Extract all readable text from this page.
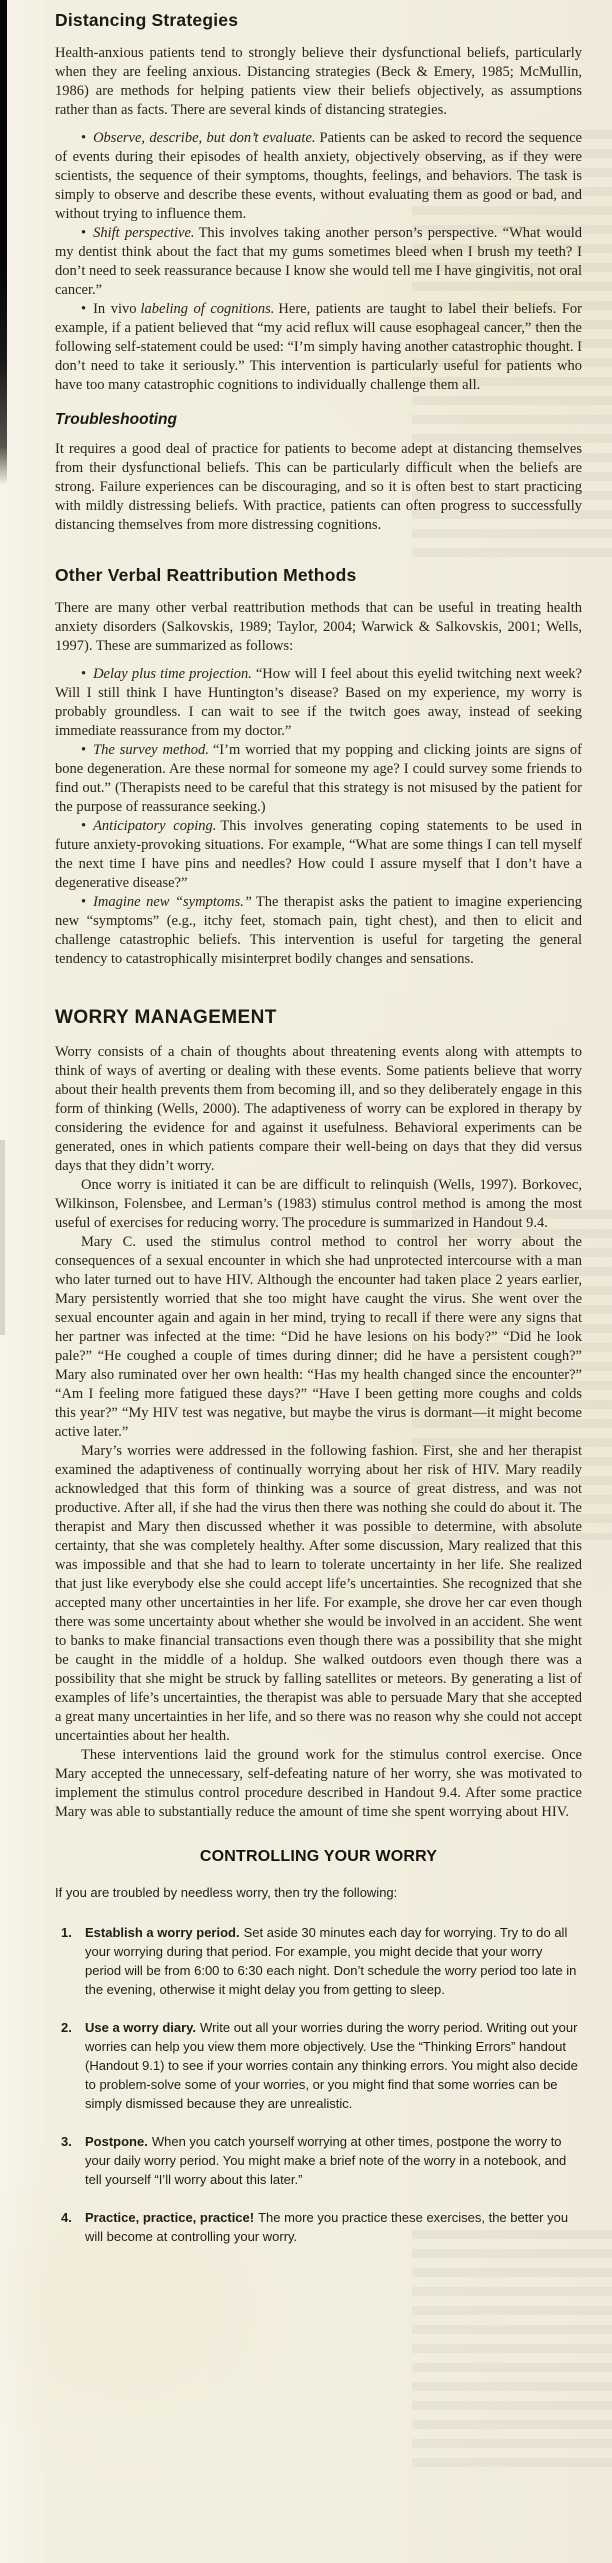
Distancing Strategies

Health-anxious patients tend to strongly believe their dysfunctional beliefs, particularly when they are feeling anxious. Distancing strategies (Beck & Emery, 1985; McMullin, 1986) are methods for helping patients view their beliefs objectively, as assumptions rather than as facts. There are several kinds of distancing strategies.

• Observe, describe, but don’t evaluate. Patients can be asked to record the sequence of events during their episodes of health anxiety, objectively observing, as if they were scientists, the sequence of their symptoms, thoughts, feelings, and behaviors. The task is simply to observe and describe these events, without evaluating them as good or bad, and without trying to influence them.

• Shift perspective. This involves taking another person’s perspective. “What would my dentist think about the fact that my gums sometimes bleed when I brush my teeth? I don’t need to seek reassurance because I know she would tell me I have gingivitis, not oral cancer.”

• In vivo labeling of cognitions. Here, patients are taught to label their beliefs. For example, if a patient believed that “my acid reflux will cause esophageal cancer,” then the following self-statement could be used: “I’m simply having another catastrophic thought. I don’t need to take it seriously.” This intervention is particularly useful for patients who have too many catastrophic cognitions to individually challenge them all.

Troubleshooting

It requires a good deal of practice for patients to become adept at distancing themselves from their dysfunctional beliefs. This can be particularly difficult when the beliefs are strong. Failure experiences can be discouraging, and so it is often best to start practicing with mildly distressing beliefs. With practice, patients can often progress to successfully distancing themselves from more distressing cognitions.

Other Verbal Reattribution Methods

There are many other verbal reattribution methods that can be useful in treating health anxiety disorders (Salkovskis, 1989; Taylor, 2004; Warwick & Salkovskis, 2001; Wells, 1997). These are summarized as follows:

• Delay plus time projection. “How will I feel about this eyelid twitching next week? Will I still think I have Huntington’s disease? Based on my experience, my worry is probably groundless. I can wait to see if the twitch goes away, instead of seeking immediate reassurance from my doctor.”

• The survey method. “I’m worried that my popping and clicking joints are signs of bone degeneration. Are these normal for someone my age? I could survey some friends to find out.” (Therapists need to be careful that this strategy is not misused by the patient for the purpose of reassurance seeking.)

• Anticipatory coping. This involves generating coping statements to be used in future anxiety-provoking situations. For example, “What are some things I can tell myself the next time I have pins and needles? How could I assure myself that I don’t have a degenerative disease?”

• Imagine new “symptoms.” The therapist asks the patient to imagine experiencing new “symptoms” (e.g., itchy feet, stomach pain, tight chest), and then to elicit and challenge catastrophic beliefs. This intervention is useful for targeting the general tendency to catastrophically misinterpret bodily changes and sensations.

WORRY MANAGEMENT

Worry consists of a chain of thoughts about threatening events along with attempts to think of ways of averting or dealing with these events. Some patients believe that worry about their health prevents them from becoming ill, and so they deliberately engage in this form of thinking (Wells, 2000). The adaptiveness of worry can be explored in therapy by considering the evidence for and against it usefulness. Behavioral experiments can be generated, ones in which patients compare their well-being on days that they did versus days that they didn’t worry.

Once worry is initiated it can be are difficult to relinquish (Wells, 1997). Borkovec, Wilkinson, Folensbee, and Lerman’s (1983) stimulus control method is among the most useful of exercises for reducing worry. The procedure is summarized in Handout 9.4.

Mary C. used the stimulus control method to control her worry about the consequences of a sexual encounter in which she had unprotected intercourse with a man who later turned out to have HIV. Although the encounter had taken place 2 years earlier, Mary persistently worried that she too might have caught the virus. She went over the sexual encounter again and again in her mind, trying to recall if there were any signs that her partner was infected at the time: “Did he have lesions on his body?” “Did he look pale?” “He coughed a couple of times during dinner; did he have a persistent cough?” Mary also ruminated over her own health: “Has my health changed since the encounter?” “Am I feeling more fatigued these days?” “Have I been getting more coughs and colds this year?” “My HIV test was negative, but maybe the virus is dormant—it might become active later.”

Mary’s worries were addressed in the following fashion. First, she and her therapist examined the adaptiveness of continually worrying about her risk of HIV. Mary readily acknowledged that this form of thinking was a source of great distress, and was not productive. After all, if she had the virus then there was nothing she could do about it. The therapist and Mary then discussed whether it was possible to determine, with absolute certainty, that she was completely healthy. After some discussion, Mary realized that this was impossible and that she had to learn to tolerate uncertainty in her life. She realized that just like everybody else she could accept life’s uncertainties. She recognized that she accepted many other uncertainties in her life. For example, she drove her car even though there was some uncertainty about whether she would be involved in an accident. She went to banks to make financial transactions even though there was a possibility that she might be caught in the middle of a holdup. She walked outdoors even though there was a possibility that she might be struck by falling satellites or meteors. By generating a list of examples of life’s uncertainties, the therapist was able to persuade Mary that she accepted a great many uncertainties in her life, and so there was no reason why she could not accept uncertainties about her health.

These interventions laid the ground work for the stimulus control exercise. Once Mary accepted the unnecessary, self-defeating nature of her worry, she was motivated to implement the stimulus control procedure described in Handout 9.4. After some practice Mary was able to substantially reduce the amount of time she spent worrying about HIV.

CONTROLLING YOUR WORRY

If you are troubled by needless worry, then try the following:

1.	Establish a worry period. Set aside 30 minutes each day for worrying. Try to do all your worrying during that period. For example, you might decide that your worry period will be from 6:00 to 6:30 each night. Don’t schedule the worry period too late in the evening, otherwise it might delay you from getting to sleep.
2.	Use a worry diary. Write out all your worries during the worry period. Writing out your worries can help you view them more objectively. Use the “Thinking Errors” handout (Handout 9.1) to see if your worries contain any thinking errors. You might also decide to problem-solve some of your worries, or you might find that some worries can be simply dismissed because they are unrealistic.
3.	Postpone. When you catch yourself worrying at other times, postpone the worry to your daily worry period. You might make a brief note of the worry in a notebook, and tell yourself “I’ll worry about this later.”
4.	Practice, practice, practice! The more you practice these exercises, the better you will become at controlling your worry.
